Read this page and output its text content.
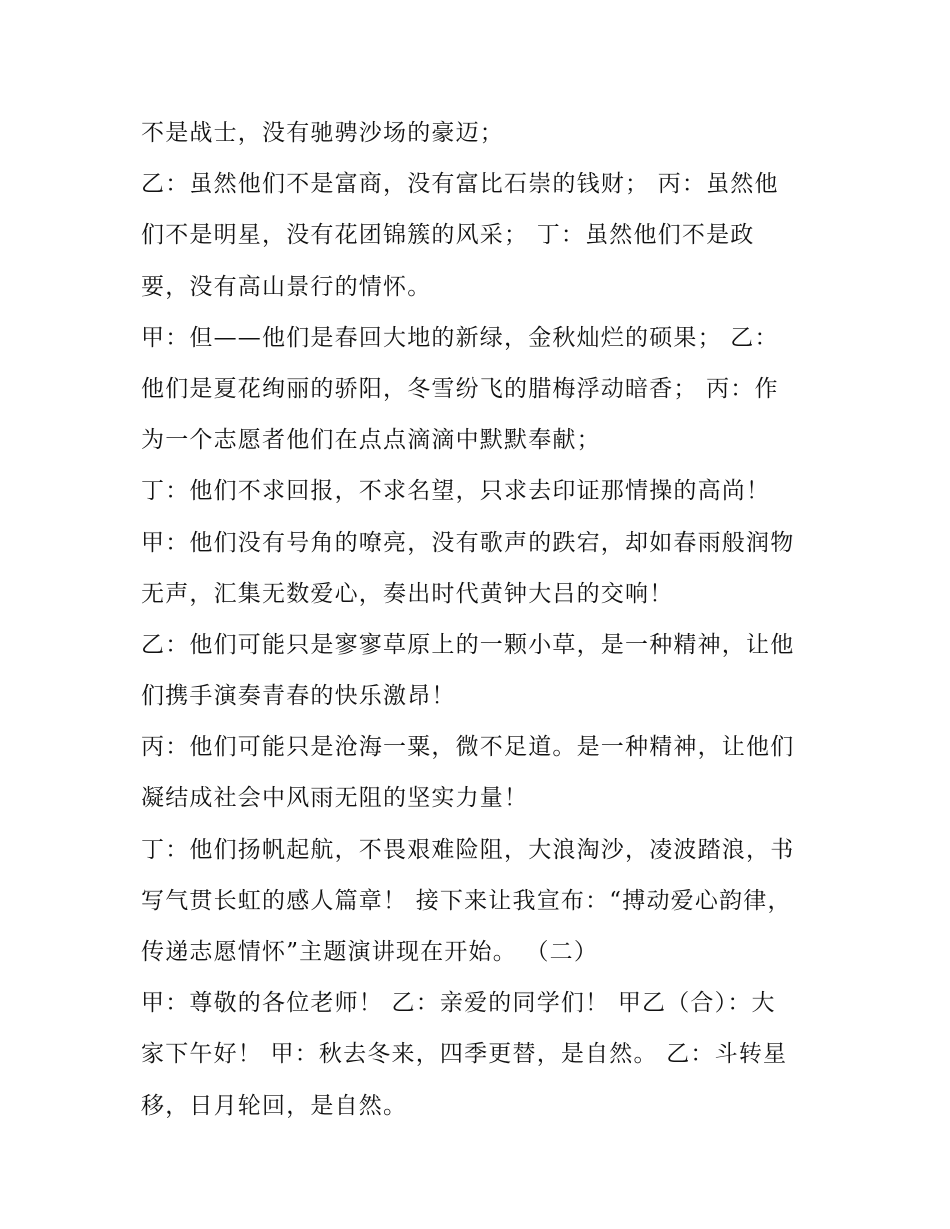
不是战士，没有驰骋沙场的豪迈；
乙：虽然他们不是富商，没有富比石崇的钱财； 丙：虽然他
们不是明星，没有花团锦簇的风采； 丁：虽然他们不是政
要，没有高山景行的情怀。
甲：但——他们是春回大地的新绿，金秋灿烂的硕果； 乙：
他们是夏花绚丽的骄阳，冬雪纷飞的腊梅浮动暗香； 丙：作
为一个志愿者他们在点点滴滴中默默奉献；
丁：他们不求回报，不求名望，只求去印证那情操的高尚！
甲：他们没有号角的嘹亮，没有歌声的跌宕，却如春雨般润物
无声，汇集无数爱心，奏出时代黄钟大吕的交响！
乙：他们可能只是寥寥草原上的一颗小草，是一种精神，让他
们携手演奏青春的快乐激昂！
丙：他们可能只是沧海一粟，微不足道。是一种精神，让他们
凝结成社会中风雨无阻的坚实力量！
丁：他们扬帆起航，不畏艰难险阻，大浪淘沙，凌波踏浪，书
写气贯长虹的感人篇章！ 接下来让我宣布：“搏动爱心韵律，
传递志愿情怀”主题演讲现在开始。 （二）
甲：尊敬的各位老师！ 乙：亲爱的同学们！ 甲乙（合）：大
家下午好！ 甲：秋去冬来，四季更替，是自然。 乙：斗转星
移，日月轮回，是自然。
